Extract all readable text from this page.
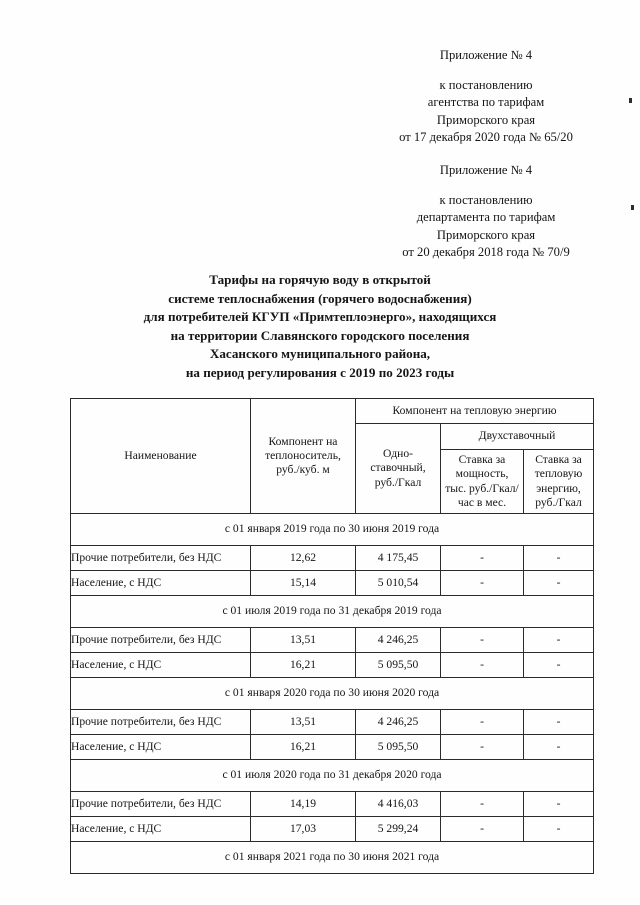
Приложение № 4
к постановлению
агентства по тарифам
Приморского края
от 17 декабря 2020 года № 65/20
Приложение № 4
к постановлению
департамента по тарифам
Приморского края
от 20 декабря 2018 года № 70/9
Тарифы на горячую воду в открытой
системе теплоснабжения (горячего водоснабжения)
для потребителей КГУП «Примтеплоэнерго», находящихся
на территории Славянского городского поселения
Хасанского муниципального района,
на период регулирования с 2019 по 2023 годы
Наименование	Компонент на теплоноситель, руб./куб. м	Компонент на тепловую энергию		
		Одно-ставочный, руб./Гкал	Двухставочный	
			Ставка за мощность, тыс. руб./Гкал/час в мес.	Ставка за тепловую энергию, руб./Гкал
с 01 января 2019 года по 30 июня 2019 года				
Прочие потребители, без НДС	12,62	4 175,45	-	-
Население, с НДС	15,14	5 010,54	-	-
с 01 июля 2019 года по 31 декабря 2019 года				
Прочие потребители, без НДС	13,51	4 246,25	-	-
Население, с НДС	16,21	5 095,50	-	-
с 01 января 2020 года по 30 июня 2020 года				
Прочие потребители, без НДС	13,51	4 246,25	-	-
Население, с НДС	16,21	5 095,50	-	-
с 01 июля 2020 года по 31 декабря 2020 года				
Прочие потребители, без НДС	14,19	4 416,03	-	-
Население, с НДС	17,03	5 299,24	-	-
с 01 января 2021 года по 30 июня 2021 года				
